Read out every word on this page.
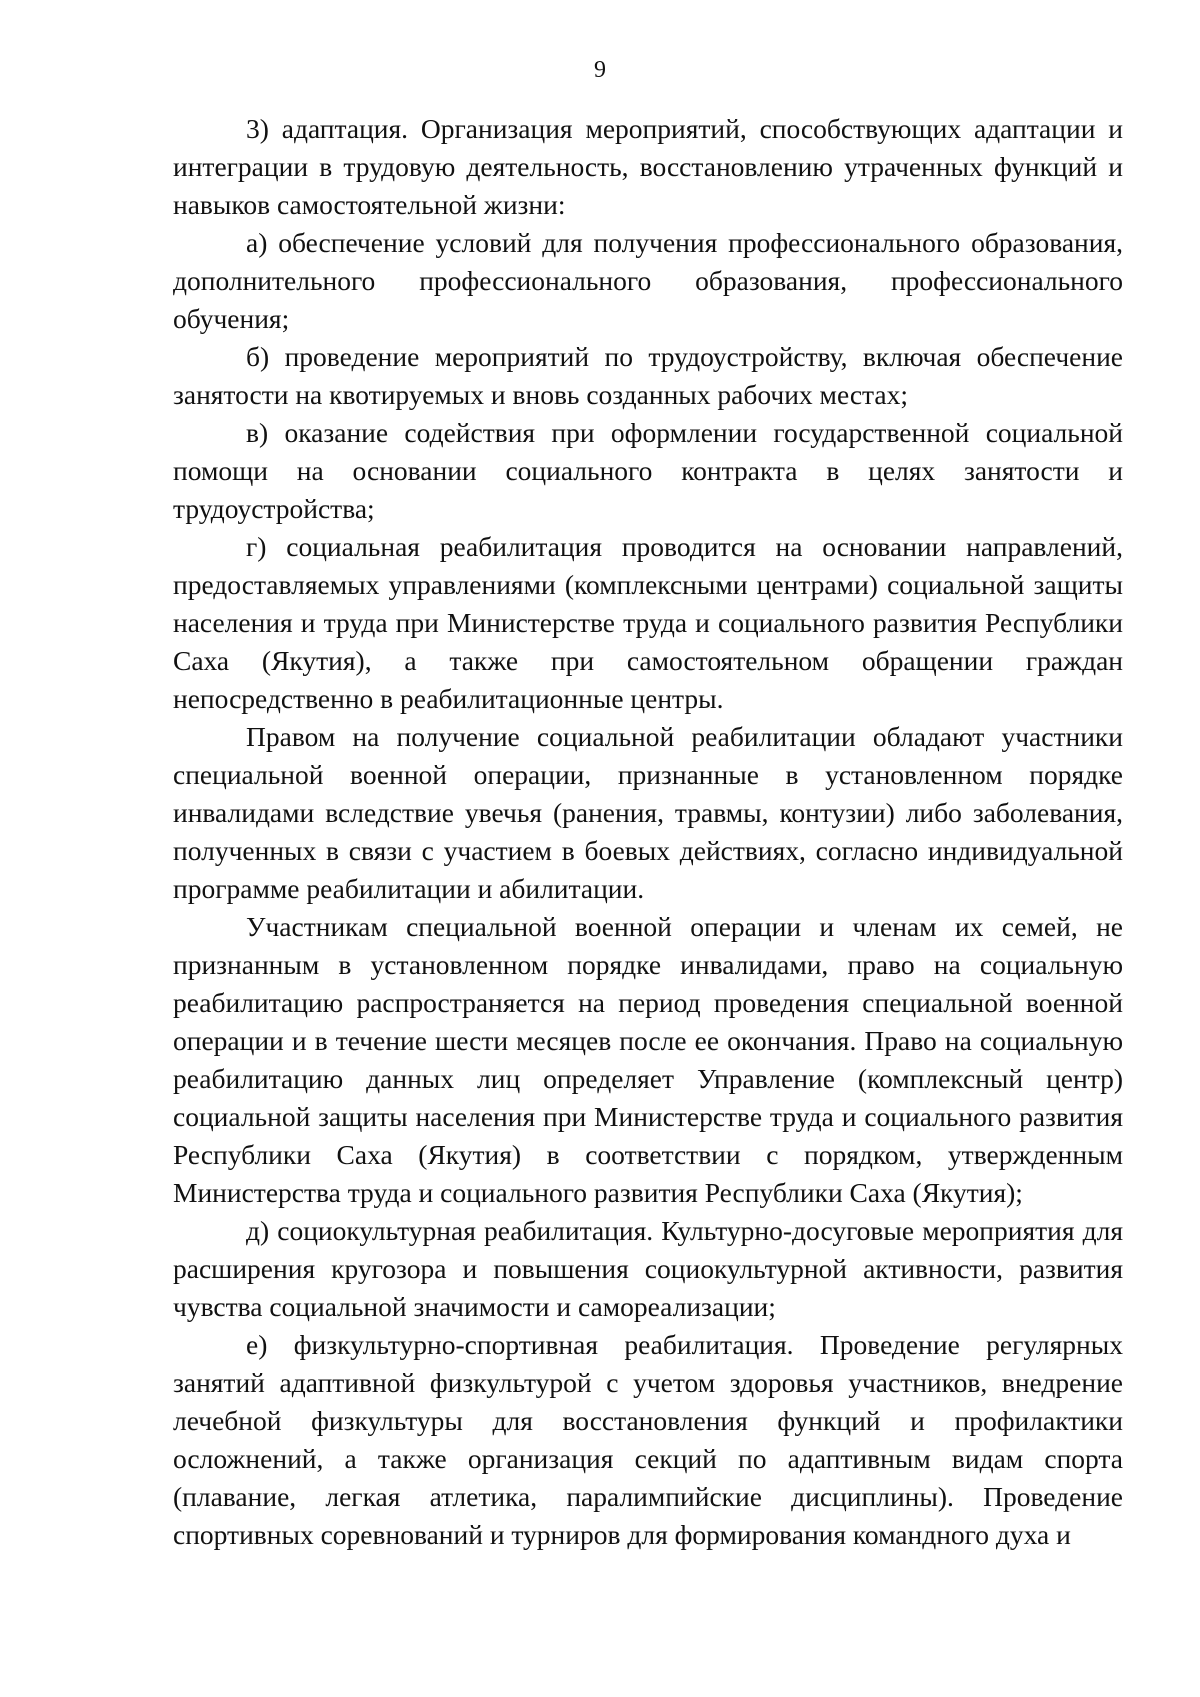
9

3) адаптация. Организация мероприятий, способствующих адаптации и интеграции в трудовую деятельность, восстановлению утраченных функций и навыков самостоятельной жизни:

а) обеспечение условий для получения профессионального образования, дополнительного профессионального образования, профессионального обучения;

б) проведение мероприятий по трудоустройству, включая обеспечение занятости на квотируемых и вновь созданных рабочих местах;

в) оказание содействия при оформлении государственной социальной помощи на основании социального контракта в целях занятости и трудоустройства;

г) социальная реабилитация проводится на основании направлений, предоставляемых управлениями (комплексными центрами) социальной защиты населения и труда при Министерстве труда и социального развития Республики Саха (Якутия), а также при самостоятельном обращении граждан непосредственно в реабилитационные центры.

Правом на получение социальной реабилитации обладают участники специальной военной операции, признанные в установленном порядке инвалидами вследствие увечья (ранения, травмы, контузии) либо заболевания, полученных в связи с участием в боевых действиях, согласно индивидуальной программе реабилитации и абилитации.

Участникам специальной военной операции и членам их семей, не признанным в установленном порядке инвалидами, право на социальную реабилитацию распространяется на период проведения специальной военной операции и в течение шести месяцев после ее окончания. Право на социальную реабилитацию данных лиц определяет Управление (комплексный центр) социальной защиты населения при Министерстве труда и социального развития Республики Саха (Якутия) в соответствии с порядком, утвержденным Министерства труда и социального развития Республики Саха (Якутия);

д) социокультурная реабилитация. Культурно-досуговые мероприятия для расширения кругозора и повышения социокультурной активности, развития чувства социальной значимости и самореализации;

е) физкультурно-спортивная реабилитация. Проведение регулярных занятий адаптивной физкультурой с учетом здоровья участников, внедрение лечебной физкультуры для восстановления функций и профилактики осложнений, а также организация секций по адаптивным видам спорта (плавание, легкая атлетика, паралимпийские дисциплины). Проведение спортивных соревнований и турниров для формирования командного духа и
